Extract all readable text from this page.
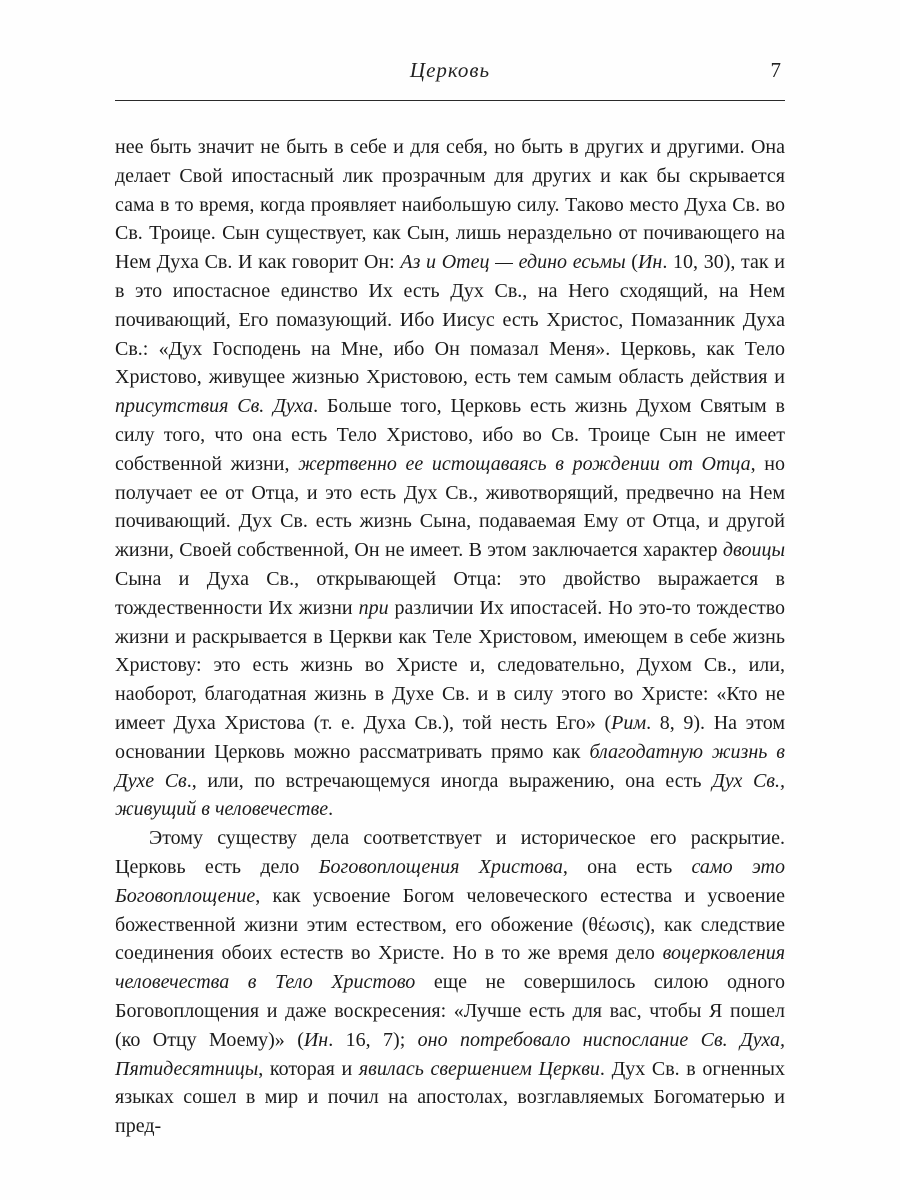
Церковь	7

нее быть значит не быть в себе и для себя, но быть в других и другими. Она делает Свой ипостасный лик прозрачным для других и как бы скрывается сама в то время, когда проявляет наибольшую силу. Таково место Духа Св. во Св. Троице. Сын существует, как Сын, лишь нераздельно от почивающего на Нем Духа Св. И как говорит Он: Аз и Отец — едино есьмы (Ин. 10, 30), так и в это ипостасное единство Их есть Дух Св., на Него сходящий, на Нем почивающий, Его помазующий. Ибо Иисус есть Христос, Помазанник Духа Св.: «Дух Господень на Мне, ибо Он помазал Меня». Церковь, как Тело Христово, живущее жизнью Христовою, есть тем самым область действия и присутствия Св. Духа. Больше того, Церковь есть жизнь Духом Святым в силу того, что она есть Тело Христово, ибо во Св. Троице Сын не имеет собственной жизни, жертвенно ее истощаваясь в рождении от Отца, но получает ее от Отца, и это есть Дух Св., животворящий, предвечно на Нем почивающий. Дух Св. есть жизнь Сына, подаваемая Ему от Отца, и другой жизни, Своей собственной, Он не имеет. В этом заключается характер двоицы Сына и Духа Св., открывающей Отца: это двойство выражается в тождественности Их жизни при различии Их ипостасей. Но это-то тождество жизни и раскрывается в Церкви как Теле Христовом, имеющем в себе жизнь Христову: это есть жизнь во Христе и, следовательно, Духом Св., или, наоборот, благодатная жизнь в Духе Св. и в силу этого во Христе: «Кто не имеет Духа Христова (т. е. Духа Св.), той несть Его» (Рим. 8, 9). На этом основании Церковь можно рассматривать прямо как благодатную жизнь в Духе Св., или, по встречающемуся иногда выражению, она есть Дух Св., живущий в человечестве.

Этому существу дела соответствует и историческое его раскрытие. Церковь есть дело Боговоплощения Христова, она есть само это Боговоплощение, как усвоение Богом человеческого естества и усвоение божественной жизни этим естеством, его обожение (θέωσις), как следствие соединения обоих естеств во Христе. Но в то же время дело воцерковления человечества в Тело Христово еще не совершилось силою одного Боговоплощения и даже воскресения: «Лучше есть для вас, чтобы Я пошел (ко Отцу Моему)» (Ин. 16, 7); оно потребовало ниспослание Св. Духа, Пятидесятницы, которая и явилась свершением Церкви. Дух Св. в огненных языках сошел в мир и почил на апостолах, возглавляемых Богоматерью и пред-
